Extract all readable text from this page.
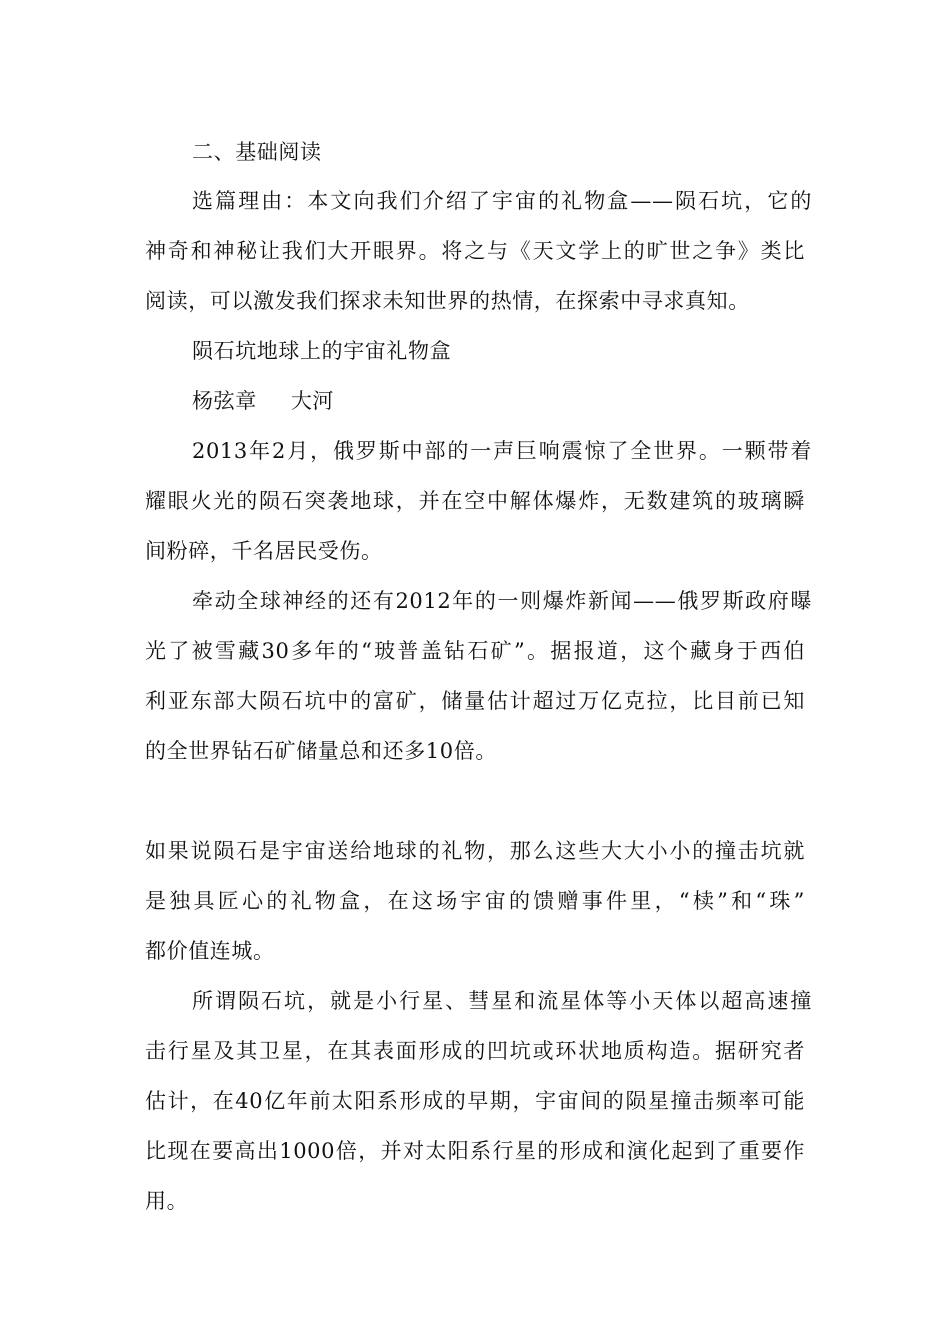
二、基础阅读
选篇理由：本文向我们介绍了宇宙的礼物盒——陨石坑，它的
神奇和神秘让我们大开眼界。将之与《天文学上的旷世之争》类比
阅读，可以激发我们探求未知世界的热情，在探索中寻求真知。
陨石坑地球上的宇宙礼物盒
杨弦章 大河
2013年2月，俄罗斯中部的一声巨响震惊了全世界。一颗带着
耀眼火光的陨石突袭地球，并在空中解体爆炸，无数建筑的玻璃瞬
间粉碎，千名居民受伤。
牵动全球神经的还有2012年的一则爆炸新闻——俄罗斯政府曝
光了被雪藏30多年的“玻普盖钻石矿”。据报道，这个藏身于西伯
利亚东部大陨石坑中的富矿，储量估计超过万亿克拉，比目前已知
的全世界钻石矿储量总和还多10倍。
如果说陨石是宇宙送给地球的礼物，那么这些大大小小的撞击坑就
是独具匠心的礼物盒，在这场宇宙的馈赠事件里，“椟”和“珠”
都价值连城。
所谓陨石坑，就是小行星、彗星和流星体等小天体以超高速撞
击行星及其卫星，在其表面形成的凹坑或环状地质构造。据研究者
估计，在40亿年前太阳系形成的早期，宇宙间的陨星撞击频率可能
比现在要高出1000倍，并对太阳系行星的形成和演化起到了重要作
用。
